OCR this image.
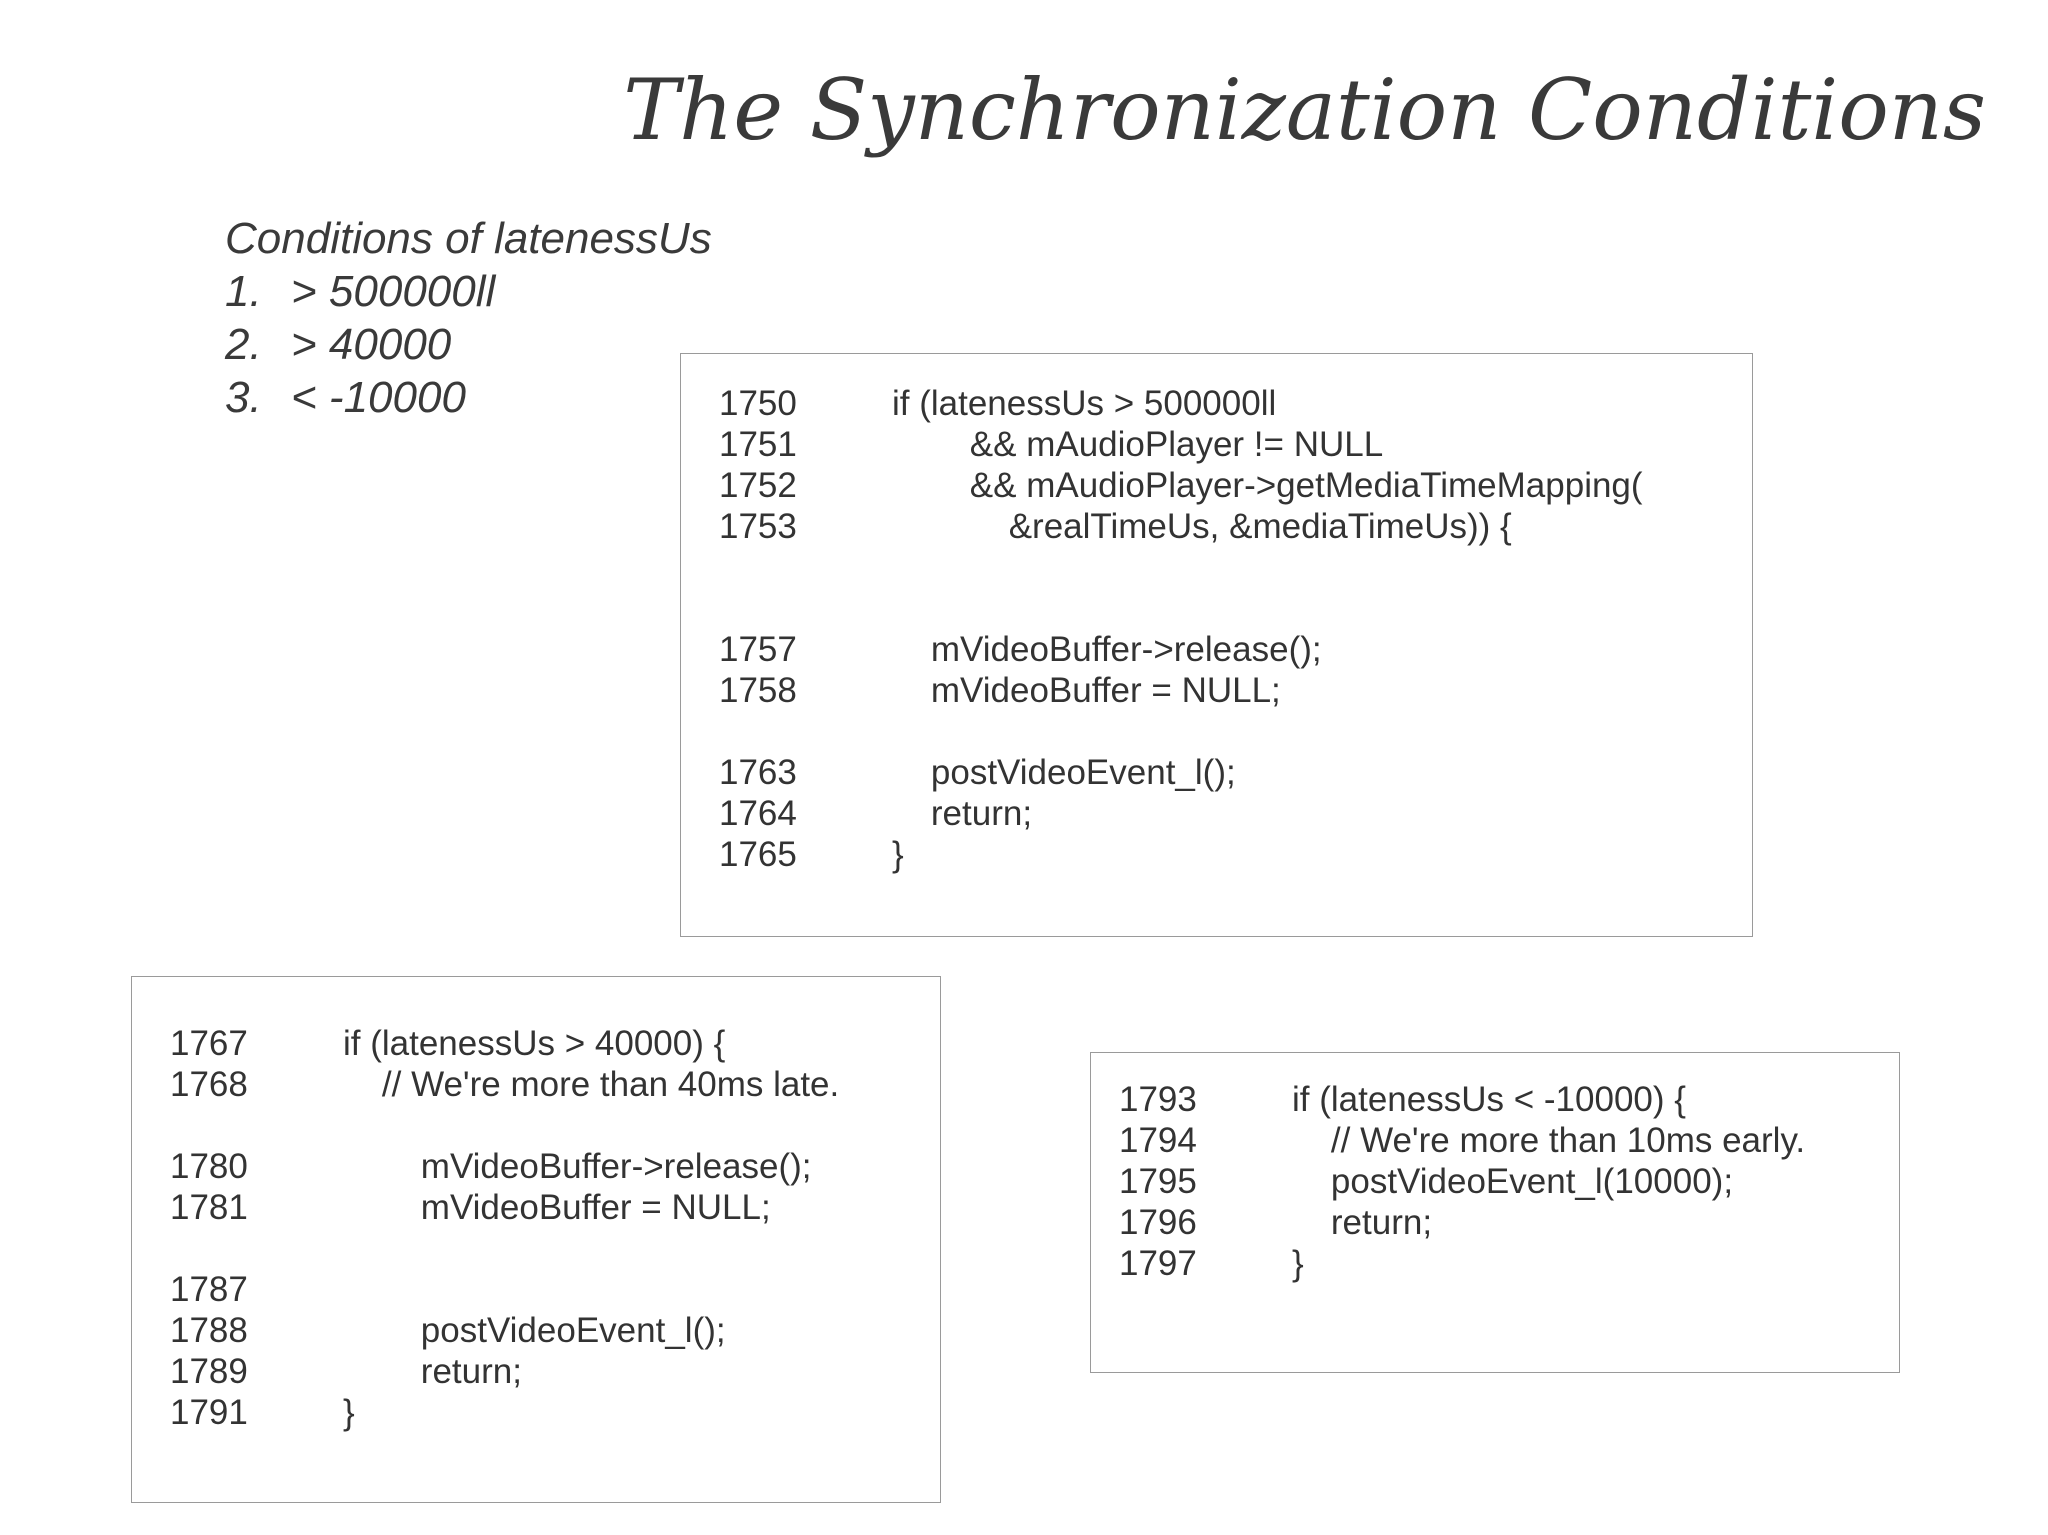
The Synchronization Conditions
Conditions of latenessUs
1. > 500000ll
2. > 40000
3. < -10000	1750	if (latenessUs > 500000ll
1751	&& mAudioPlayer != NULL
1752	&& mAudioPlayer->getMediaTimeMapping(
1753	&realTimeUs, &mediaTimeUs)) {
1757	mVideoBuffer->release();
1758	mVideoBuffer = NULL;
1763	postVideoEvent_l();
1764	return;
1765	}
1767	if (latenessUs > 40000) {
1768	// We're more than 40ms late.
1780	mVideoBuffer->release();
1781	mVideoBuffer = NULL;
1787
1788	postVideoEvent_l();
1789	return;
1791	}
1793	if (latenessUs < -10000) {
1794	// We're more than 10ms early.
1795	postVideoEvent_l(10000);
1796	return;
1797	}
